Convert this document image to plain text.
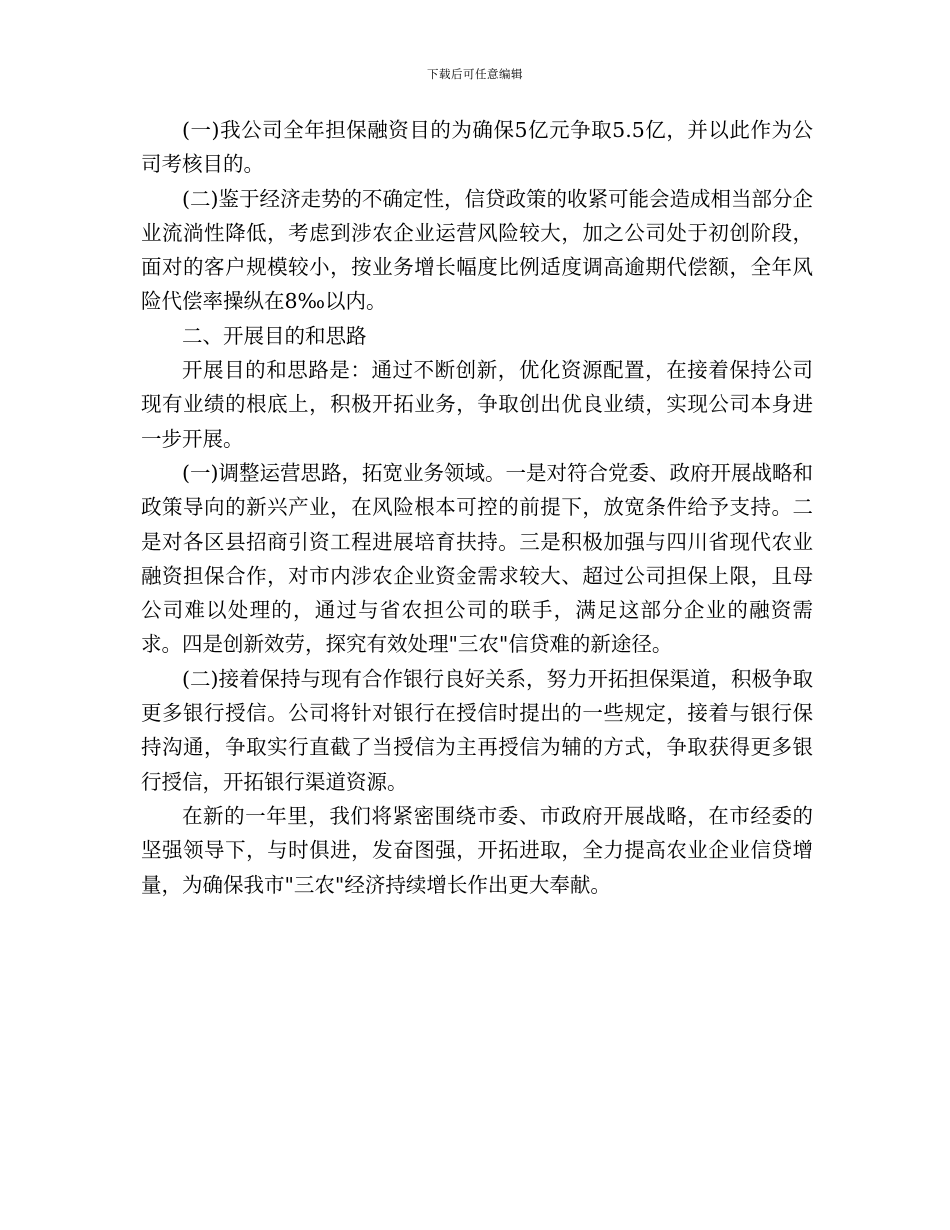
下载后可任意编辑

(一)我公司全年担保融资目的为确保5亿元争取5.5亿，并以此作为公司考核目的。

(二)鉴于经济走势的不确定性，信贷政策的收紧可能会造成相当部分企业流淌性降低，考虑到涉农企业运营风险较大，加之公司处于初创阶段，面对的客户规模较小，按业务增长幅度比例适度调高逾期代偿额，全年风险代偿率操纵在8‰以内。

二、开展目的和思路

开展目的和思路是：通过不断创新，优化资源配置，在接着保持公司现有业绩的根底上，积极开拓业务，争取创出优良业绩，实现公司本身进一步开展。

(一)调整运营思路，拓宽业务领域。一是对符合党委、政府开展战略和政策导向的新兴产业，在风险根本可控的前提下，放宽条件给予支持。二是对各区县招商引资工程进展培育扶持。三是积极加强与四川省现代农业融资担保合作，对市内涉农企业资金需求较大、超过公司担保上限，且母公司难以处理的，通过与省农担公司的联手，满足这部分企业的融资需求。四是创新效劳，探究有效处理"三农"信贷难的新途径。

(二)接着保持与现有合作银行良好关系，努力开拓担保渠道，积极争取更多银行授信。公司将针对银行在授信时提出的一些规定，接着与银行保持沟通，争取实行直截了当授信为主再授信为辅的方式，争取获得更多银行授信，开拓银行渠道资源。

在新的一年里，我们将紧密围绕市委、市政府开展战略，在市经委的坚强领导下，与时俱进，发奋图强，开拓进取，全力提高农业企业信贷增量，为确保我市"三农"经济持续增长作出更大奉献。
